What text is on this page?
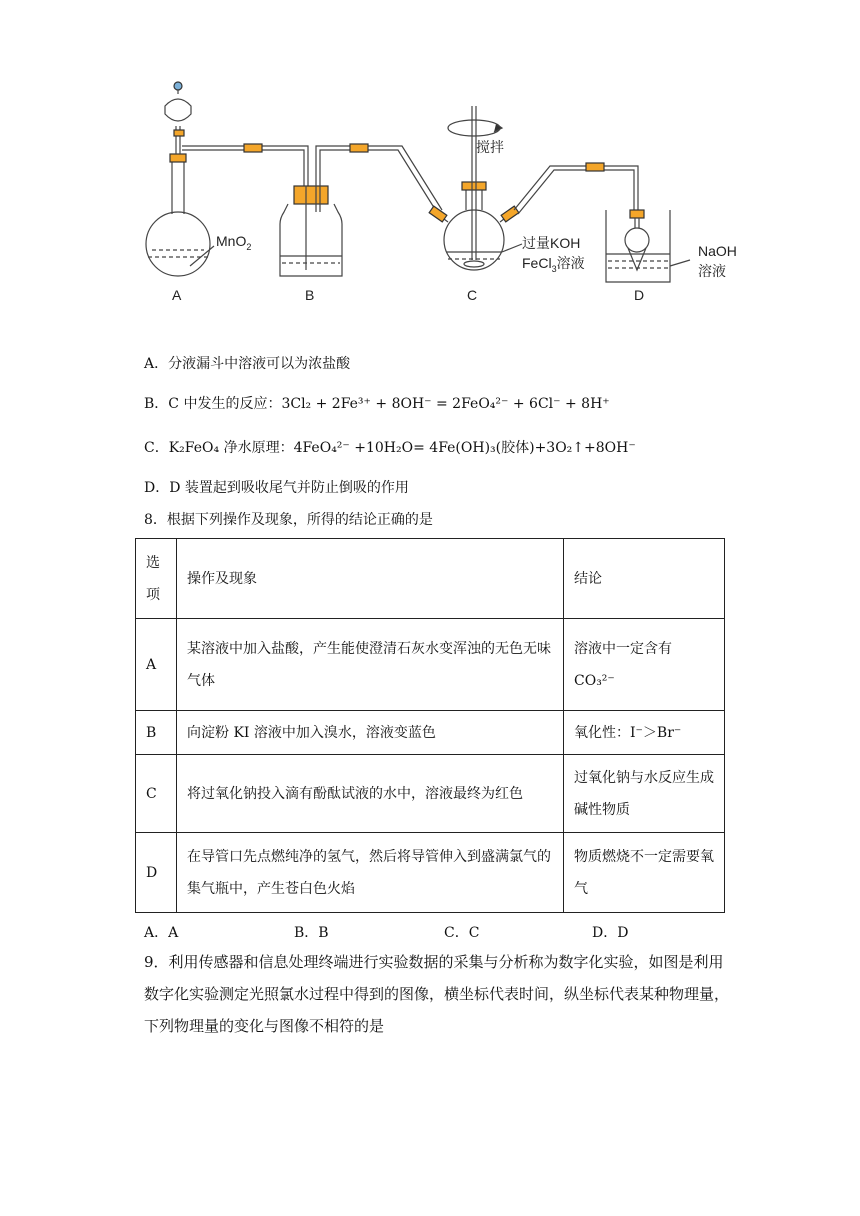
A	B	C	D
MnO$_2$
搅拌
过量KOH
FeCl$_3$溶液
NaOH
溶液
A．分液漏斗中溶液可以为浓盐酸
B．C 中发生的反应：3Cl₂ + 2Fe³⁺ + 8OH⁻ = 2FeO₄²⁻ + 6Cl⁻ + 8H⁺
C．K₂FeO₄ 净水原理：4FeO₄²⁻ +10H₂O= 4Fe(OH)₃(胶体)+3O₂↑+8OH⁻
D．D 装置起到吸收尾气并防止倒吸的作用
8．根据下列操作及现象，所得的结论正确的是
选项	操作及现象	结论
A	某溶液中加入盐酸，产生能使澄清石灰水变浑浊的无色无味气体	溶液中一定含有 CO₃²⁻
B	向淀粉 KI 溶液中加入溴水，溶液变蓝色	氧化性：I⁻＞Br⁻
C	将过氧化钠投入滴有酚酞试液的水中，溶液最终为红色	过氧化钠与水反应生成碱性物质
D	在导管口先点燃纯净的氢气，然后将导管伸入到盛满氯气的集气瓶中，产生苍白色火焰	物质燃烧不一定需要氧气
A．A	B．B	C．C	D．D
9．利用传感器和信息处理终端进行实验数据的采集与分析称为数字化实验，如图是利用数字化实验测定光照氯水过程中得到的图像，横坐标代表时间，纵坐标代表某种物理量，下列物理量的变化与图像不相符的是
